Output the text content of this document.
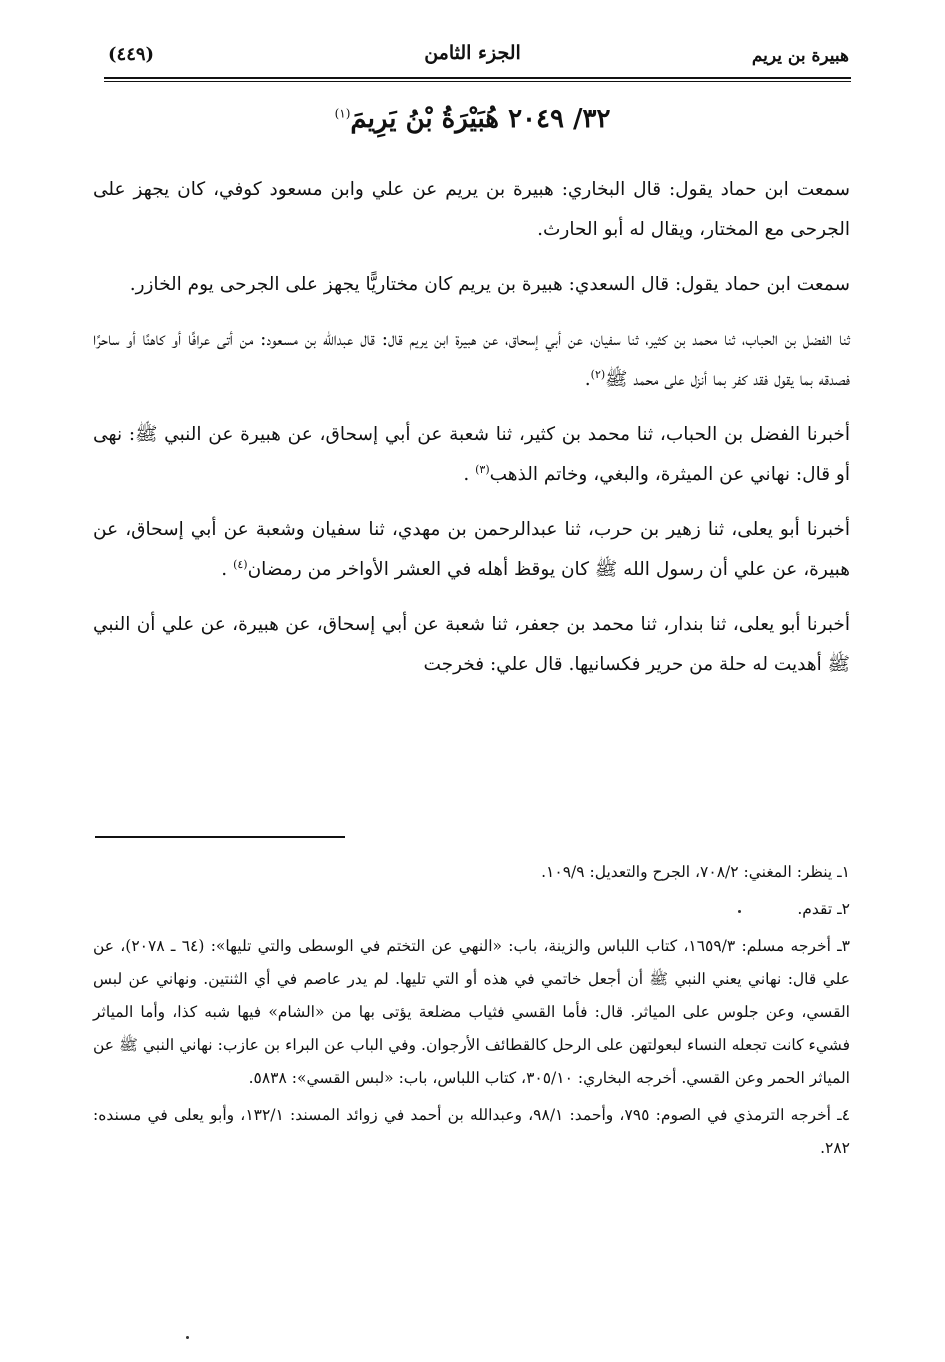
هبيرة بن يريم
الجزء الثامن
(٤٤٩)
٣٢/ ٢٠٤٩ هُبَيْرَةُ بْنُ يَرِيمَ$^{(١)}$

سمعت ابن حماد يقول: قال البخاري: هبيرة بن يريم عن علي وابن مسعود كوفي، كان يجهز على الجرحى مع المختار، ويقال له أبو الحارث.

سمعت ابن حماد يقول: قال السعدي: هبيرة بن يريم كان مختاريًّا يجهز على الجرحى يوم الخازر.

ثنا الفضل بن الحباب، ثنا محمد بن كثير، ثنا سفيان، عن أبي إسحاق، عن هبيرة ابن يريم قال: قال عبدالله بن مسعود: من أتى عرافًا أو كاهنًا أو ساحرًا فصدقه بما يقول فقد كفر بما أنزل على محمد ﷺ$^{(٢)}$.

أخبرنا الفضل بن الحباب، ثنا محمد بن كثير، ثنا شعبة عن أبي إسحاق، عن هبيرة عن النبي ﷺ: نهى أو قال: نهاني عن الميثرة، والبغي، وخاتم الذهب$^{(٣)}$ .

أخبرنا أبو يعلى، ثنا زهير بن حرب، ثنا عبدالرحمن بن مهدي، ثنا سفيان وشعبة عن أبي إسحاق، عن هبيرة، عن علي أن رسول الله ﷺ كان يوقظ أهله في العشر الأواخر من رمضان$^{(٤)}$ .

أخبرنا أبو يعلى، ثنا بندار، ثنا محمد بن جعفر، ثنا شعبة عن أبي إسحاق، عن هبيرة، عن علي أن النبي ﷺ أهديت له حلة من حرير فكسانيها. قال علي: فخرجت

١ـ ينظر: المغني: ٧٠٨/٢، الجرح والتعديل: ١٠٩/٩.

٢ـ تقدم.

٣ـ أخرجه مسلم: ١٦٥٩/٣، كتاب اللباس والزينة، باب: «النهي عن التختم في الوسطى والتي تليها»: (٦٤ ـ ٢٠٧٨)، عن علي قال: نهاني يعني النبي ﷺ أن أجعل خاتمي في هذه أو التي تليها. لم يدر عاصم في أي الثنتين. ونهاني عن لبس القسي، وعن جلوس على المياثر. قال: فأما القسي فثياب مضلعة يؤتى بها من «الشام» فيها شبه كذا، وأما المياثر فشيء كانت تجعله النساء لبعولتهن على الرحل كالقطائف الأرجوان. وفي الباب عن البراء بن عازب: نهاني النبي ﷺ عن المياثر الحمر وعن القسي. أخرجه البخاري: ٣٠٥/١٠، كتاب اللباس، باب: «لبس القسي»: ٥٨٣٨.

٤ـ أخرجه الترمذي في الصوم: ٧٩٥، وأحمد: ٩٨/١، وعبدالله بن أحمد في زوائد المسند: ١٣٢/١، وأبو يعلى في مسنده: ٢٨٢.
